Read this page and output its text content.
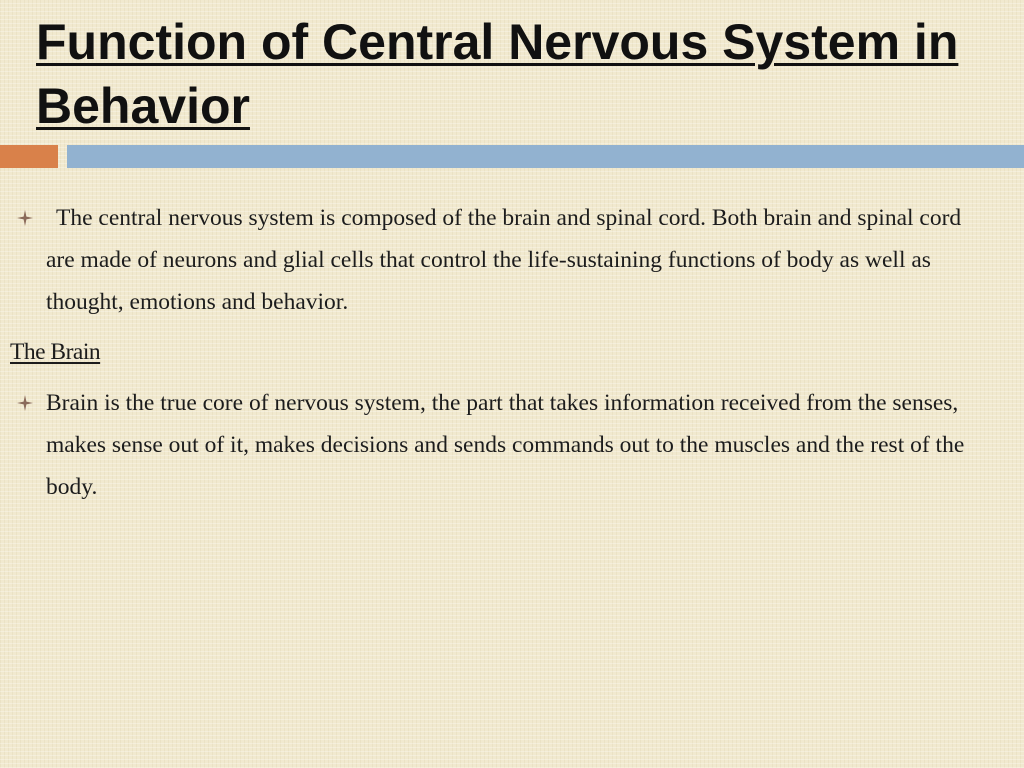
Function of Central Nervous System in Behavior
The central nervous system is composed of the brain and spinal cord. Both brain and spinal cord are made of neurons and glial cells that control the life-sustaining functions of body as well as thought, emotions and behavior.
The Brain
Brain is the true core of nervous system, the part that takes information received from the senses, makes sense out of it, makes decisions and sends commands out to the muscles and the rest of the body.
